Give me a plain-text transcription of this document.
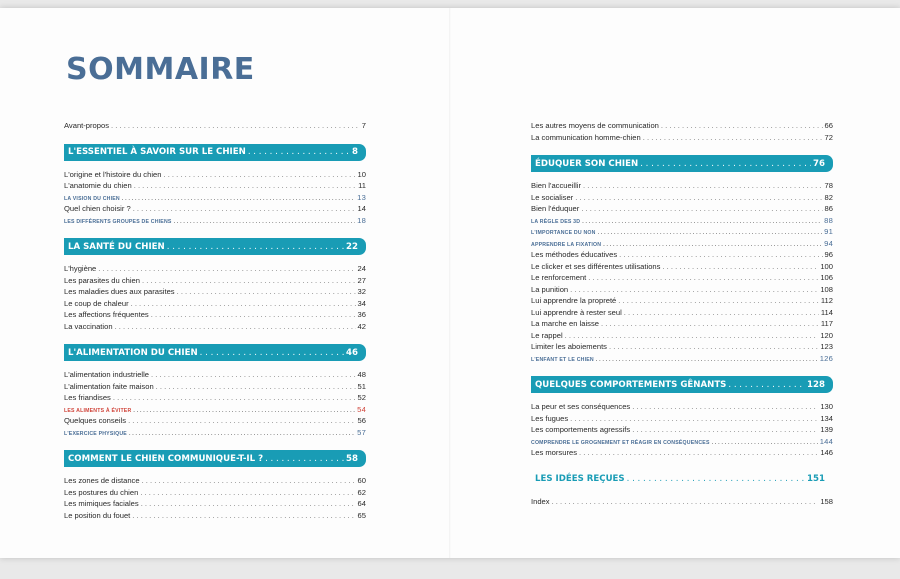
SOMMAIRE
Avant-propos . . .	7
L'ESSENTIEL À SAVOIR SUR LE CHIEN . . .	8
L'origine et l'histoire du chien . . .	10
L'anatomie du chien . . .	11
LA VISION DU CHIEN . . .	13
Quel chien choisir ? . . .	14
LES DIFFÉRENTS GROUPES DE CHIENS . . .	18
LA SANTÉ DU CHIEN . . .	22
L'hygiène . . .	24
Les parasites du chien . . .	27
Les maladies dues aux parasites . . .	32
Le coup de chaleur . . .	34
Les affections fréquentes . . .	36
La vaccination . . .	42
L'ALIMENTATION DU CHIEN . . .	46
L'alimentation industrielle . . .	48
L'alimentation faite maison . . .	51
Les friandises . . .	52
LES ALIMENTS À ÉVITER . . .	54
Quelques conseils . . .	56
L'EXERCICE PHYSIQUE . . .	57
COMMENT LE CHIEN COMMUNIQUE-T-IL ? . . .	58
Les zones de distance . . .	60
Les postures du chien . . .	62
Les mimiques faciales . . .	64
Le position du fouet . . .	65
Les autres moyens de communication . . .	66
La communication homme-chien . . .	72
ÉDUQUER SON CHIEN . . .	76
Bien l'accueillir . . .	78
Le socialiser . . .	82
Bien l'éduquer . . .	86
LA RÈGLE DES 3D . . .	88
L'IMPORTANCE DU NON . . .	91
APPRENDRE LA FIXATION . . .	94
Les méthodes éducatives . . .	96
Le clicker et ses différentes utilisations . . .	100
Le renforcement . . .	106
La punition . . .	108
Lui apprendre la propreté . . .	112
Lui apprendre à rester seul . . .	114
La marche en laisse . . .	117
Le rappel . . .	120
Limiter les aboiements . . .	123
L'ENFANT ET LE CHIEN . . .	126
QUELQUES COMPORTEMENTS GÊNANTS . . .	128
La peur et ses conséquences . . .	130
Les fugues . . .	134
Les comportements agressifs . . .	139
COMPRENDRE LE GROGNEMENT ET RÉAGIR EN CONSÉQUENCES . . .	144
Les morsures . . .	146
LES IDÉES REÇUES . . .	151
Index . . .	158
